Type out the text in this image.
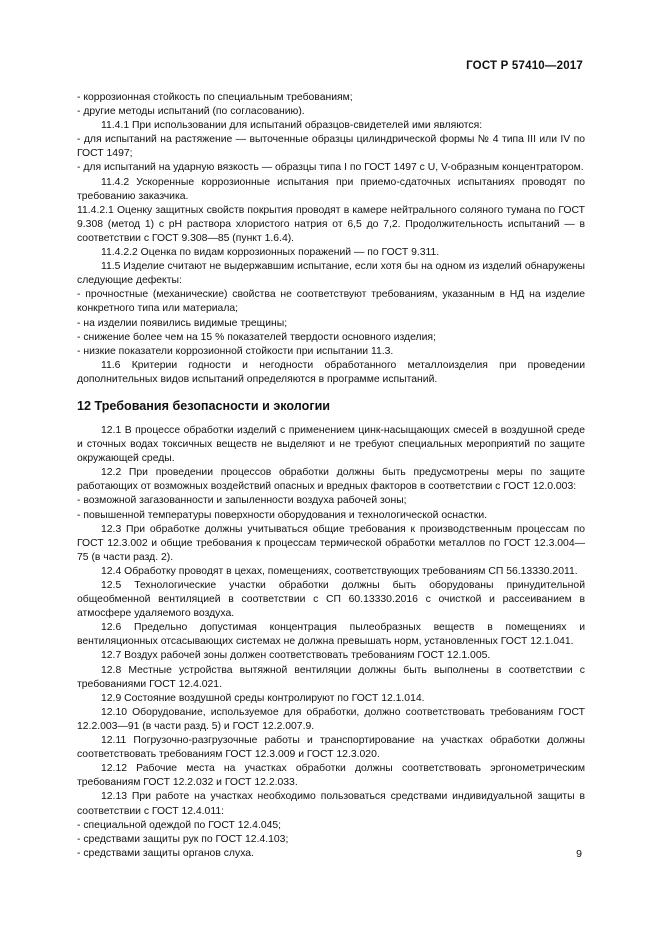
ГОСТ Р 57410—2017

- коррозионная стойкость по специальным требованиям;

- другие методы испытаний (по согласованию).

11.4.1 При использовании для испытаний образцов-свидетелей ими являются:

- для испытаний на растяжение — выточенные образцы цилиндрической формы № 4 типа III или IV по ГОСТ 1497;

- для испытаний на ударную вязкость — образцы типа I по ГОСТ 1497 с U, V-образным концентратором.

11.4.2 Ускоренные коррозионные испытания при приемо-сдаточных испытаниях проводят по требованию заказчика.

11.4.2.1 Оценку защитных свойств покрытия проводят в камере нейтрального соляного тумана по ГОСТ 9.308 (метод 1) с pH раствора хлористого натрия от 6,5 до 7,2. Продолжительность испытаний — в соответствии с ГОСТ 9.308—85 (пункт 1.6.4).

11.4.2.2 Оценка по видам коррозионных поражений — по ГОСТ 9.311.

11.5 Изделие считают не выдержавшим испытание, если хотя бы на одном из изделий обнаружены следующие дефекты:

- прочностные (механические) свойства не соответствуют требованиям, указанным в НД на изделие конкретного типа или материала;

- на изделии появились видимые трещины;

- снижение более чем на 15 % показателей твердости основного изделия;

- низкие показатели коррозионной стойкости при испытании 11.3.

11.6 Критерии годности и негодности обработанного металлоизделия при проведении дополнительных видов испытаний определяются в программе испытаний.

12 Требования безопасности и экологии

12.1 В процессе обработки изделий с применением цинк-насыщающих смесей в воздушной среде и сточных водах токсичных веществ не выделяют и не требуют специальных мероприятий по защите окружающей среды.

12.2 При проведении процессов обработки должны быть предусмотрены меры по защите работающих от возможных воздействий опасных и вредных факторов в соответствии с ГОСТ 12.0.003:

- возможной загазованности и запыленности воздуха рабочей зоны;

- повышенной температуры поверхности оборудования и технологической оснастки.

12.3 При обработке должны учитываться общие требования к производственным процессам по ГОСТ 12.3.002 и общие требования к процессам термической обработки металлов по ГОСТ 12.3.004—75 (в части разд. 2).

12.4 Обработку проводят в цехах, помещениях, соответствующих требованиям СП 56.13330.2011.

12.5 Технологические участки обработки должны быть оборудованы принудительной общеобменной вентиляцией в соответствии с СП 60.13330.2016 с очисткой и рассеиванием в атмосфере удаляемого воздуха.

12.6 Предельно допустимая концентрация пылеобразных веществ в помещениях и вентиляционных отсасывающих системах не должна превышать норм, установленных ГОСТ 12.1.041.

12.7 Воздух рабочей зоны должен соответствовать требованиям ГОСТ 12.1.005.

12.8 Местные устройства вытяжной вентиляции должны быть выполнены в соответствии с требованиями ГОСТ 12.4.021.

12.9 Состояние воздушной среды контролируют по ГОСТ 12.1.014.

12.10 Оборудование, используемое для обработки, должно соответствовать требованиям ГОСТ 12.2.003—91 (в части разд. 5) и ГОСТ 12.2.007.9.

12.11 Погрузочно-разгрузочные работы и транспортирование на участках обработки должны соответствовать требованиям ГОСТ 12.3.009 и ГОСТ 12.3.020.

12.12 Рабочие места на участках обработки должны соответствовать эргонометрическим требованиям ГОСТ 12.2.032 и ГОСТ 12.2.033.

12.13 При работе на участках необходимо пользоваться средствами индивидуальной защиты в соответствии с ГОСТ 12.4.011:

- специальной одеждой по ГОСТ 12.4.045;

- средствами защиты рук по ГОСТ 12.4.103;

- средствами защиты органов слуха.	9
